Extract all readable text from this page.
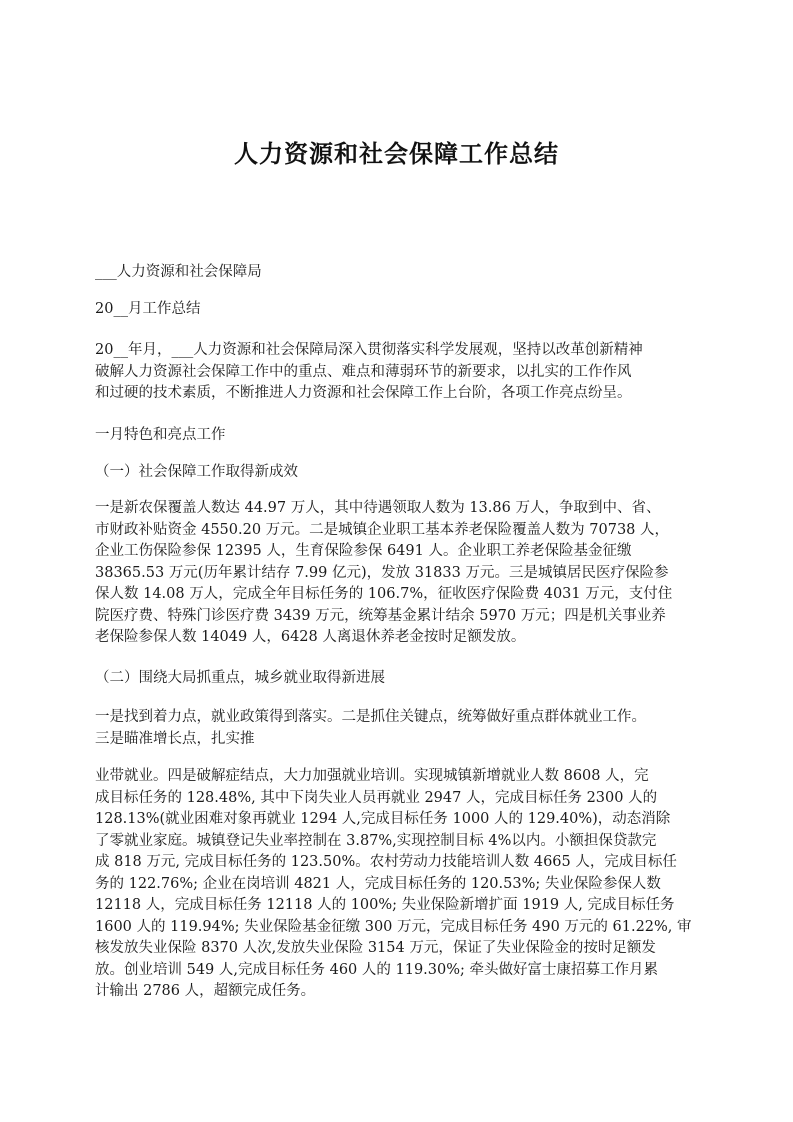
人力资源和社会保障工作总结
___人力资源和社会保障局
20__月工作总结
20__年月，___人力资源和社会保障局深入贯彻落实科学发展观，坚持以改革创新精神
破解人力资源社会保障工作中的重点、难点和薄弱环节的新要求，以扎实的工作作风
和过硬的技术素质，不断推进人力资源和社会保障工作上台阶，各项工作亮点纷呈。
一月特色和亮点工作
（一）社会保障工作取得新成效
一是新农保覆盖人数达 44.97 万人，其中待遇领取人数为 13.86 万人，争取到中、省、
市财政补贴资金 4550.20 万元。二是城镇企业职工基本养老保险覆盖人数为 70738 人，
企业工伤保险参保 12395 人，生育保险参保 6491 人。企业职工养老保险基金征缴
38365.53 万元(历年累计结存 7.99 亿元)，发放 31833 万元。三是城镇居民医疗保险参
保人数 14.08 万人，完成全年目标任务的 106.7%，征收医疗保险费 4031 万元，支付住
院医疗费、特殊门诊医疗费 3439 万元，统筹基金累计结余 5970 万元；四是机关事业养
老保险参保人数 14049 人，6428 人离退休养老金按时足额发放。
（二）围绕大局抓重点，城乡就业取得新进展
一是找到着力点，就业政策得到落实。二是抓住关键点，统筹做好重点群体就业工作。
三是瞄准增长点，扎实推
业带就业。四是破解症结点，大力加强就业培训。实现城镇新增就业人数 8608 人，完
成目标任务的 128.48%, 其中下岗失业人员再就业 2947 人，完成目标任务 2300 人的
128.13%(就业困难对象再就业 1294 人,完成目标任务 1000 人的 129.40%)，动态消除
了零就业家庭。城镇登记失业率控制在 3.87%,实现控制目标 4%以内。小额担保贷款完
成 818 万元, 完成目标任务的 123.50%。农村劳动力技能培训人数 4665 人，完成目标任
务的 122.76%; 企业在岗培训 4821 人，完成目标任务的 120.53%; 失业保险参保人数
12118 人，完成目标任务 12118 人的 100%; 失业保险新增扩面 1919 人, 完成目标任务
1600 人的 119.94%; 失业保险基金征缴 300 万元，完成目标任务 490 万元的 61.22%, 审
核发放失业保险 8370 人次,发放失业保险 3154 万元，保证了失业保险金的按时足额发
放。创业培训 549 人,完成目标任务 460 人的 119.30%; 牵头做好富士康招募工作月累
计输出 2786 人，超额完成任务。
